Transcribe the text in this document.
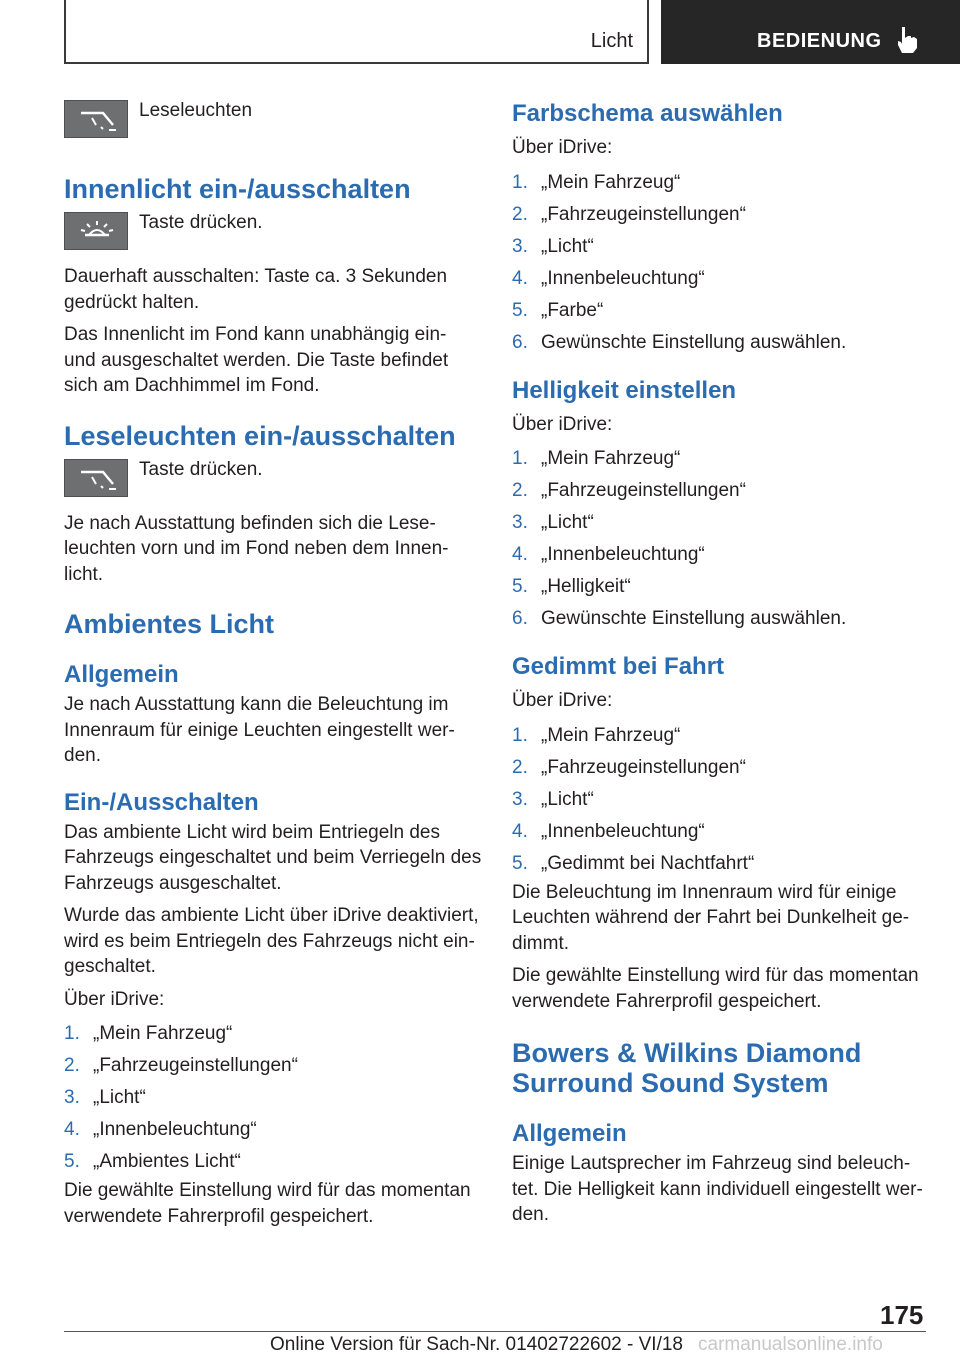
Licht	BEDIENUNG
Leseleuchten
Innenlicht ein-/ausschalten
Taste drücken.

Dauerhaft ausschalten: Taste ca. 3 Sekunden gedrückt halten.

Das Innenlicht im Fond kann unabhängig ein- und ausgeschaltet werden. Die Taste befindet sich am Dachhimmel im Fond.

Leseleuchten ein-/ausschalten
Taste drücken.

Je nach Ausstattung befinden sich die Lese-leuchten vorn und im Fond neben dem Innen-licht.

Ambientes Licht
Allgemein

Je nach Ausstattung kann die Beleuchtung im Innenraum für einige Leuchten eingestellt wer-den.

Ein-/Ausschalten

Das ambiente Licht wird beim Entriegeln des Fahrzeugs eingeschaltet und beim Verriegeln des Fahrzeugs ausgeschaltet.

Wurde das ambiente Licht über iDrive deaktiviert, wird es beim Entriegeln des Fahrzeugs nicht ein-geschaltet.

Über iDrive:

1. „Mein Fahrzeug“
2. „Fahrzeugeinstellungen“
3. „Licht“
4. „Innenbeleuchtung“
5. „Ambientes Licht“

Die gewählte Einstellung wird für das momentan verwendete Fahrerprofil gespeichert.

Farbschema auswählen

Über iDrive:

1. „Mein Fahrzeug“
2. „Fahrzeugeinstellungen“
3. „Licht“
4. „Innenbeleuchtung“
5. „Farbe“
6. Gewünschte Einstellung auswählen.
Helligkeit einstellen

Über iDrive:

1. „Mein Fahrzeug“
2. „Fahrzeugeinstellungen“
3. „Licht“
4. „Innenbeleuchtung“
5. „Helligkeit“
6. Gewünschte Einstellung auswählen.
Gedimmt bei Fahrt

Über iDrive:

1. „Mein Fahrzeug“
2. „Fahrzeugeinstellungen“
3. „Licht“
4. „Innenbeleuchtung“
5. „Gedimmt bei Nachtfahrt“

Die Beleuchtung im Innenraum wird für einige Leuchten während der Fahrt bei Dunkelheit ge-dimmt.

Die gewählte Einstellung wird für das momentan verwendete Fahrerprofil gespeichert.

Bowers & Wilkins Diamond Surround Sound System
Allgemein

Einige Lautsprecher im Fahrzeug sind beleuch-tet. Die Helligkeit kann individuell eingestellt wer-den.

175
Online Version für Sach-Nr. 01402722602 - VI/18 carmanualsonline.info
